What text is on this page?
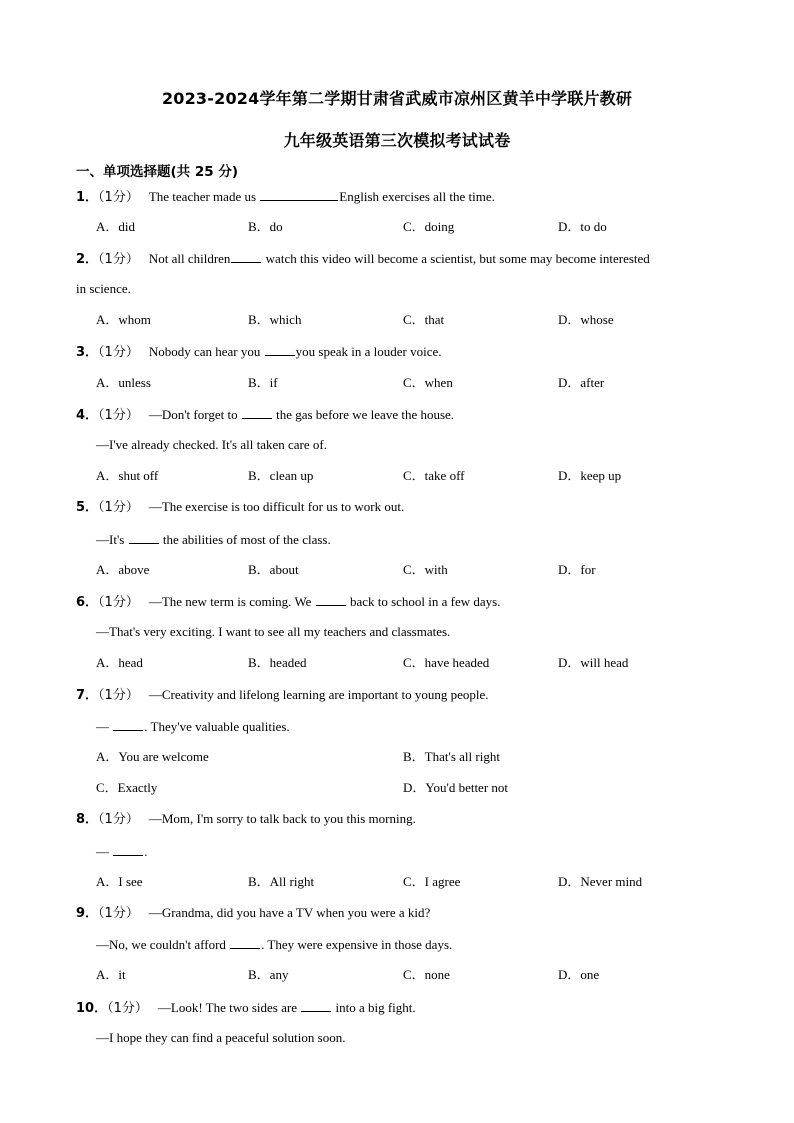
2023-2024学年第二学期甘肃省武威市凉州区黄羊中学联片教研
九年级英语第三次模拟考试试卷
一、单项选择题(共 25 分)
1．（1分） The teacher made us	English exercises all the time.
A．did	B．do	C．doing	D．to do
2．（1分） Not all children watch this video will become a scientist, but some may become interested
in science.
A．whom	B．which	C．that	D．whose
3．（1分） Nobody can hear you you speak in a louder voice.
A．unless	B．if	C．when	D．after
4．（1分） —Don't forget to  the gas before we leave the house.
—I've already checked. It's all taken care of.
A．shut off	B．clean up	C．take off	D．keep up
5．（1分） —The exercise is too difficult for us to work out.
—It's  the abilities of most of the class.
A．above	B．about	C．with	D．for
6．（1分） —The new term is coming. We  back to school in a few days.
—That's very exciting. I want to see all my teachers and classmates.
A．head	B．headed	C．have headed	D．will head
7．（1分） —Creativity and lifelong learning are important to young people.
— . They've valuable qualities.
A．You are welcome	B．That's all right
C．Exactly	D．You'd better not
8．（1分） —Mom, I'm sorry to talk back to you this morning.
— .
A．I see	B．All right	C．I agree	D．Never mind
9．（1分） —Grandma, did you have a TV when you were a kid?
—No, we couldn't afford . They were expensive in those days.
A．it	B．any	C．none	D．one
10．（1分） —Look! The two sides are  into a big fight.
—I hope they can find a peaceful solution soon.
